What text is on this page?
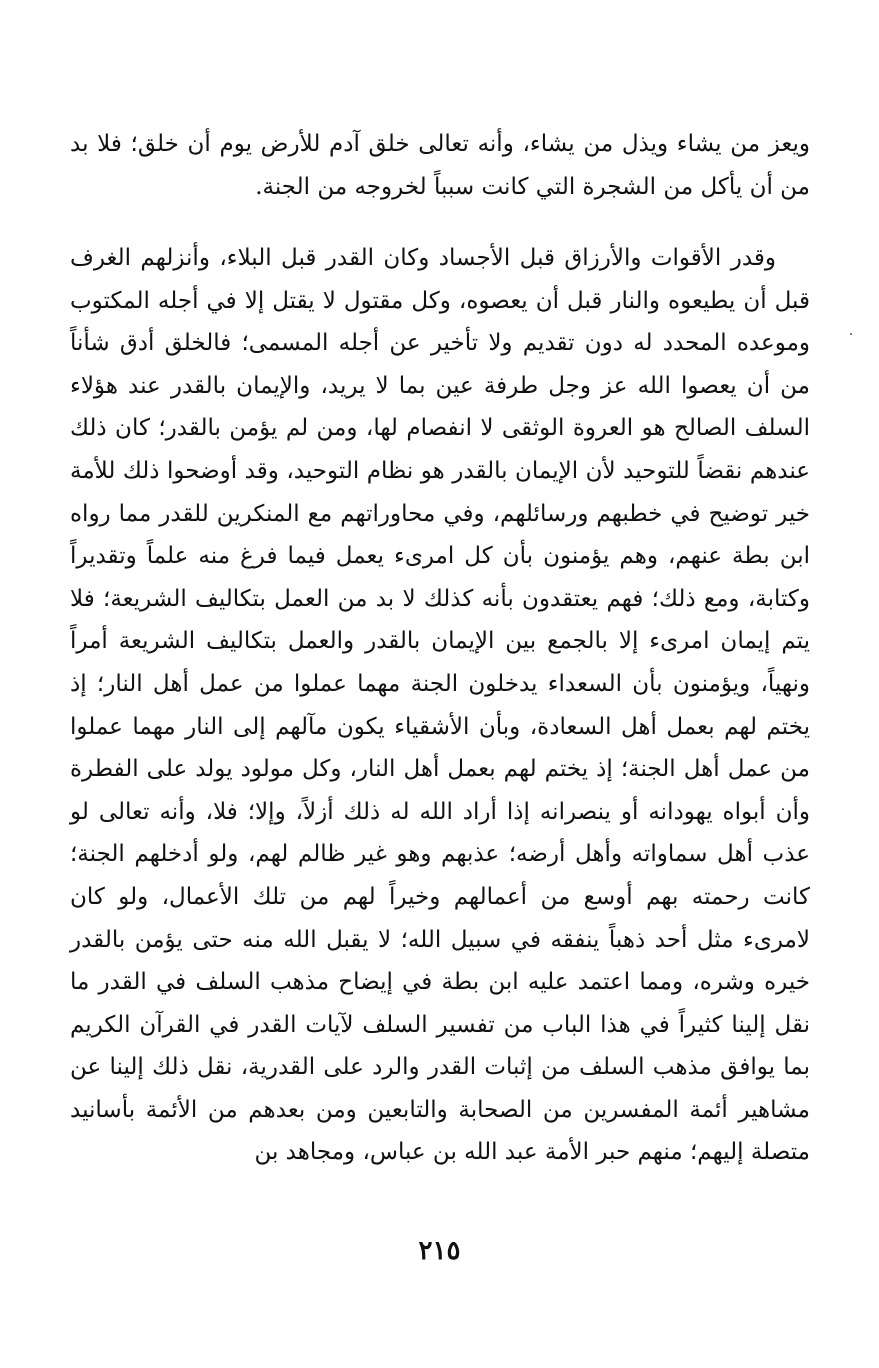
ويعز من يشاء ويذل من يشاء، وأنه تعالى خلق آدم للأرض يوم أن خلق؛ فلا بد من أن يأكل من الشجرة التي كانت سبباً لخروجه من الجنة.

وقدر الأقوات والأرزاق قبل الأجساد وكان القدر قبل البلاء، وأنزلهم الغرف قبل أن يطيعوه والنار قبل أن يعصوه، وكل مقتول لا يقتل إلا في أجله المكتوب وموعده المحدد له دون تقديم ولا تأخير عن أجله المسمى؛ فالخلق أدق شأناً من أن يعصوا الله عز وجل طرفة عين بما لا يريد، والإيمان بالقدر عند هؤلاء السلف الصالح هو العروة الوثقى لا انفصام لها، ومن لم يؤمن بالقدر؛ كان ذلك عندهم نقضاً للتوحيد لأن الإيمان بالقدر هو نظام التوحيد، وقد أوضحوا ذلك للأمة خير توضيح في خطبهم ورسائلهم، وفي محاوراتهم مع المنكرين للقدر مما رواه ابن بطة عنهم، وهم يؤمنون بأن كل امرىء يعمل فيما فرغ منه علماً وتقديراً وكتابة، ومع ذلك؛ فهم يعتقدون بأنه كذلك لا بد من العمل بتكاليف الشريعة؛ فلا يتم إيمان امرىء إلا بالجمع بين الإيمان بالقدر والعمل بتكاليف الشريعة أمراً ونهياً، ويؤمنون بأن السعداء يدخلون الجنة مهما عملوا من عمل أهل النار؛ إذ يختم لهم بعمل أهل السعادة، وبأن الأشقياء يكون مآلهم إلى النار مهما عملوا من عمل أهل الجنة؛ إذ يختم لهم بعمل أهل النار، وكل مولود يولد على الفطرة وأن أبواه يهودانه أو ينصرانه إذا أراد الله له ذلك أزلاً، وإلا؛ فلا، وأنه تعالى لو عذب أهل سماواته وأهل أرضه؛ عذبهم وهو غير ظالم لهم، ولو أدخلهم الجنة؛ كانت رحمته بهم أوسع من أعمالهم وخيراً لهم من تلك الأعمال، ولو كان لامرىء مثل أحد ذهباً ينفقه في سبيل الله؛ لا يقبل الله منه حتى يؤمن بالقدر خيره وشره، ومما اعتمد عليه ابن بطة في إيضاح مذهب السلف في القدر ما نقل إلينا كثيراً في هذا الباب من تفسير السلف لآيات القدر في القرآن الكريم بما يوافق مذهب السلف من إثبات القدر والرد على القدرية، نقل ذلك إلينا عن مشاهير أئمة المفسرين من الصحابة والتابعين ومن بعدهم من الأئمة بأسانيد متصلة إليهم؛ منهم حبر الأمة عبد الله بن عباس، ومجاهد بن

٢١٥
